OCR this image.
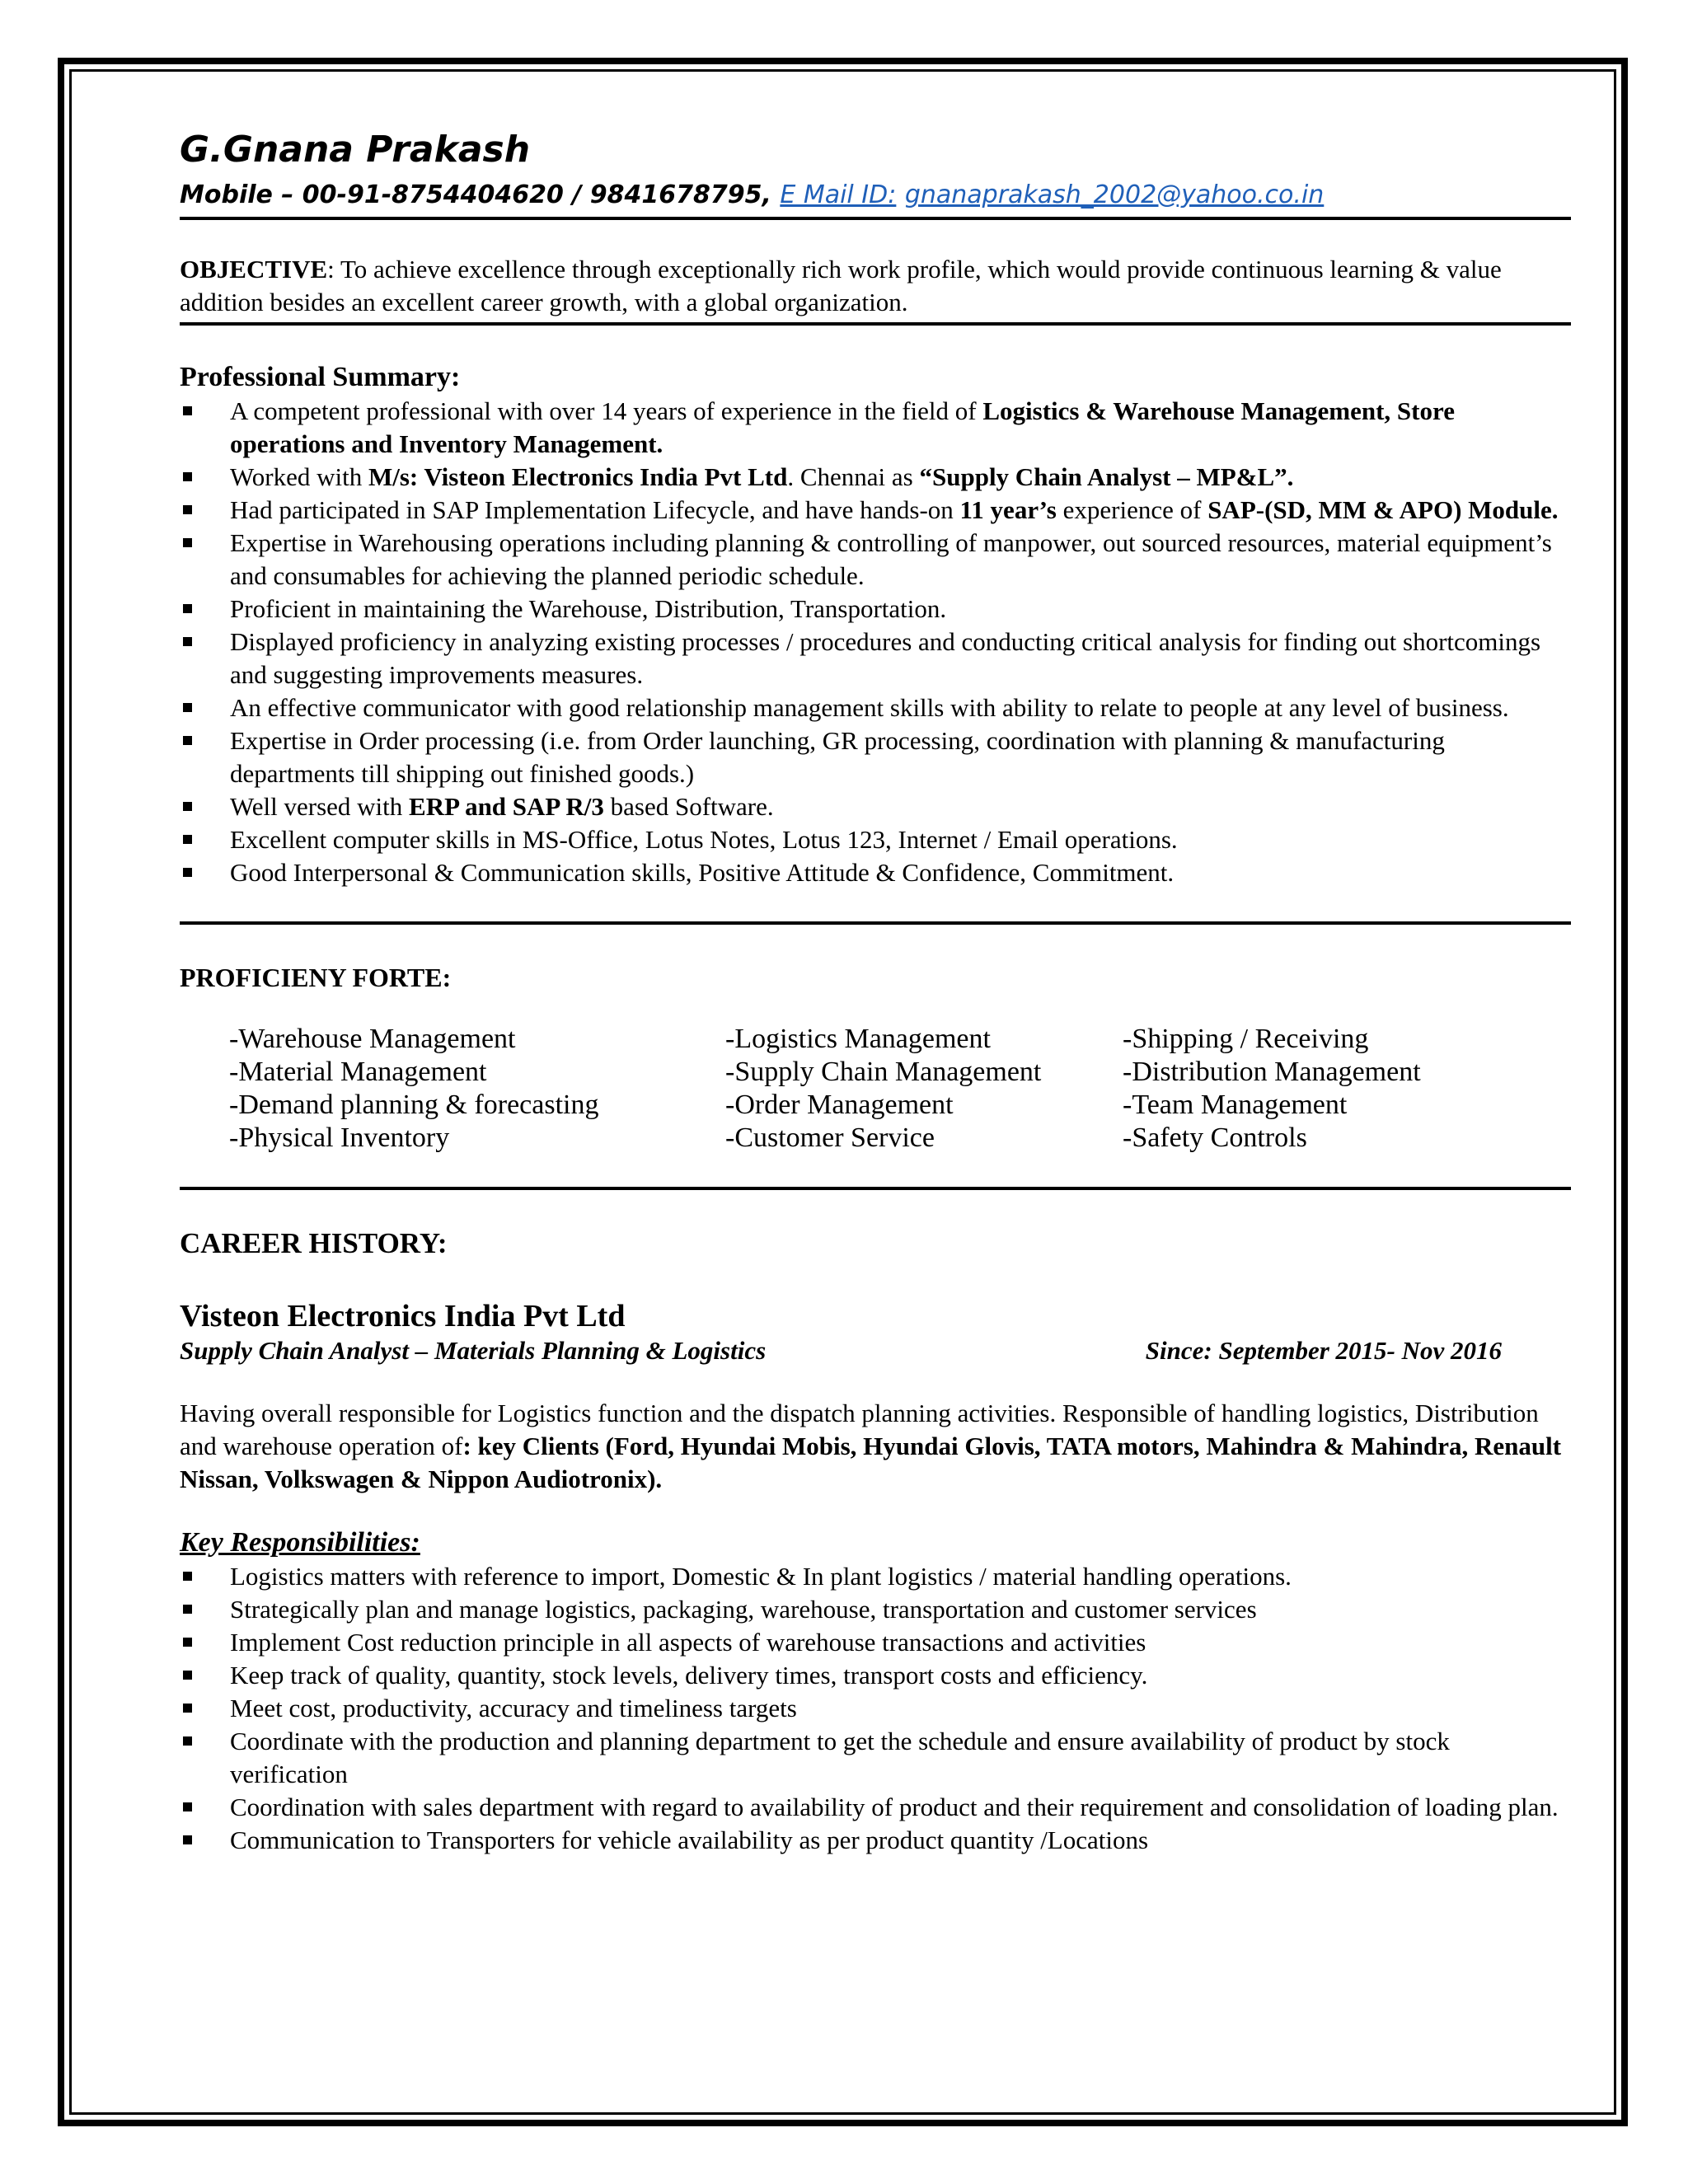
G.Gnana Prakash
Mobile – 00-91-8754404620 / 9841678795, E Mail ID: gnanaprakash_2002@yahoo.co.in
OBJECTIVE: To achieve excellence through exceptionally rich work profile, which would provide continuous learning & value addition besides an excellent career growth, with a global organization.
Professional Summary:
A competent professional with over 14 years of experience in the field of Logistics & Warehouse Management, Store operations and Inventory Management.
Worked with M/s: Visteon Electronics India Pvt Ltd. Chennai as “Supply Chain Analyst – MP&L”.
Had participated in SAP Implementation Lifecycle, and have hands-on 11 year’s experience of SAP-(SD, MM & APO) Module.
Expertise in Warehousing operations including planning & controlling of manpower, out sourced resources, material equipment’s and consumables for achieving the planned periodic schedule.
Proficient in maintaining the Warehouse, Distribution, Transportation.
Displayed proficiency in analyzing existing processes / procedures and conducting critical analysis for finding out shortcomings and suggesting improvements measures.
An effective communicator with good relationship management skills with ability to relate to people at any level of business.
Expertise in Order processing (i.e. from Order launching, GR processing, coordination with planning & manufacturing departments till shipping out finished goods.)
Well versed with ERP and SAP R/3 based Software.
Excellent computer skills in MS-Office, Lotus Notes, Lotus 123, Internet / Email operations.
Good Interpersonal & Communication skills, Positive Attitude & Confidence, Commitment.
PROFICIENY FORTE:
-Warehouse Management	-Logistics Management	-Shipping / Receiving
-Material Management	-Supply Chain Management	-Distribution Management
-Demand planning & forecasting	-Order Management	-Team Management
-Physical Inventory	-Customer Service	-Safety Controls
CAREER HISTORY:
Visteon Electronics India Pvt Ltd
Supply Chain Analyst – Materials Planning & Logistics	Since: September 2015- Nov 2016
Having overall responsible for Logistics function and the dispatch planning activities. Responsible of handling logistics, Distribution and warehouse operation of: key Clients (Ford, Hyundai Mobis, Hyundai Glovis, TATA motors, Mahindra & Mahindra, Renault Nissan, Volkswagen & Nippon Audiotronix).
Key Responsibilities:
Logistics matters with reference to import, Domestic & In plant logistics / material handling operations.
Strategically plan and manage logistics, packaging, warehouse, transportation and customer services
Implement Cost reduction principle in all aspects of warehouse transactions and activities
Keep track of quality, quantity, stock levels, delivery times, transport costs and efficiency.
Meet cost, productivity, accuracy and timeliness targets
Coordinate with the production and planning department to get the schedule and ensure availability of product by stock verification
Coordination with sales department with regard to availability of product and their requirement and consolidation of loading plan.
Communication to Transporters for vehicle availability as per product quantity /Locations
